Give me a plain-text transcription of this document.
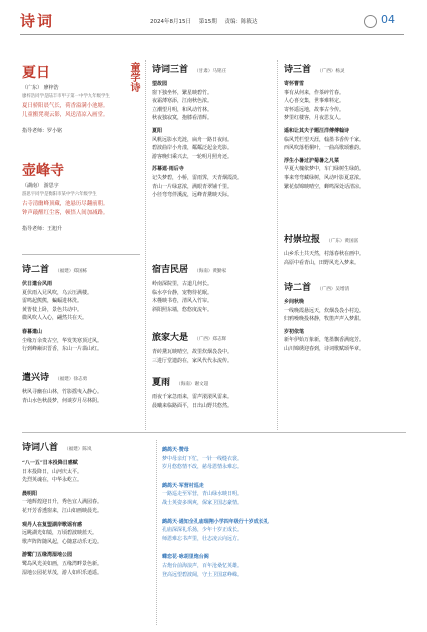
诗词	2024年8月15日 第15期 责编：陈筱达	04
夏日
（广东） 廖梓浩
廖梓浩同学是陆丰市甲子第一中学九年级学生

夏日骄阳晨气长，荷香溢满小池塘。

儿童搬凳观云影，风送清凉入画堂。

指导老师：罗小铭
童学诗
壶峰寺
（湖南） 游思宇
游思宇同学是衡阳市某中学六年级学生

古寺清幽峰顶藏，池悬历尽翻前朝。

钟声敲醒红尘客，顿悟人间加减路。

指导老师：王旭升
诗二首 （福建）郑国栋
伏日遣台风雨

夏伏雨入兄风吹，乌云压满楼。

雷鸣起熊熊，蝙蝠进林洗。

黄皆枝上卧，景色共动中。

微风吹人入心，翩然共在天。

春暮遣山

尘缘万余贵古空，华发笑寒顶过风。

行到峰巅识晋香，东山一片翡山红。

遣兴诗 （福建）徐志勇

秋风寻幽在山林，竹影摇曳入静心。

青山水色秋晨梦，何谈岁月尽林阴。

诗词三首 （甘肃）马铭庄
望故园

窗下独坐怀，繁星映碧竹。

夜霜薄寒添，江南秋色浓。

立潮望月明，和风动竹林。

秋夜独寂寞，抱膝看清辉。

夏阳

风帆远影水光涟，扁舟一路日夜间。

碧波曲岸小舟漾，粼粼泛起金光影。

游客晚归乘兴去，一轮明月照舟还。

苏幕遮·雨后寺

记失梦碧，小桥，雷雨霁，天青烟霞淡。

青山一片绿意浓，满眼青翠铺千里。

小径弯弯伴溪流，远峰青黛映天际。

宿吉民居 （海南）黄勤家

岭南深院里，古道几何长。

临水亭台静，宠物待花眠。

木槿映书卷，清风入竹帘。

斜阳照东墙，悠悠度流年。

旅家大是 （广西）郑志辉

青砖黛瓦映晴空，故里炊烟袅袅中。

三进厅堂遗韵在，家风代代永流传。

夏雨 （海南）谢文超

雨夜千家急雨来，雷声滚滚风雷来。

晨曦来临路面平，日出山野共悠然。

诗三首 （广西）杨灵
寄怀曹雪

事有从何来，作茶碎竹春。

人心喜交集，世事难料定。

寄怀遥远地，故事古今传。

梦里红楼客，月夜思友人。

遥和让其夫子题汪洋傅傅翰诗

临风凭栏望天涯，翰墨书香传千家。

西风吹落梧桐叶，一曲高歌颂雅韵。

浮生小暑过沪菊暑之凡菜

早夏大槐依梦中，车门绿树生绿荫。

事来弯弯藏绿树，风动叶影夏意浓。

繁花似锦映晴空，蝉鸣深处话清凉。

村崇垃报 （广东）黄国富

山乡乐土共天然，村落春秋在画中。

高原中看青山，田野风光入梦来。

诗二首 （广西）吴增清
乡间秋晚

一线晚霞悬远天，炊烟袅袅小村边。

归鸦噪晚投林静，牧笛声声入梦甜。

岁初依笔

新年伊始万象新，笔墨飘香满庭芳。

山川锦绣迎春到，诗词歌赋颂华章。

诗词八首 （福建）陈岚
“八一五”日本投降日感赋

日本投降日，山河庆太平。

先烈英魂在，中华永屹立。

晨明阳

一地辉煌迎日升，秀色宜人满园春。

花开芳香透窗来，江山如画映晨光。

观丹人在复盟湖岸歌谣有感

远眺湖光如镜，万顷碧波映蓝天。

歌声阵阵随风起，心随意动乐无边。

游鹭门五缘湾湿地公园

鹭岛风光美如画，五缘湾畔景色新。

湿地公园花草茂，游人如织乐逍遥。

鹧鸪天·赞母

梦中母亲灯下忙，一针一线缝衣裳。

岁月悠悠情不改，慈母恩情永难忘。

鹧鸪天·军营村巡走

一路巡走至军营，青山绿水映日明。

战士英姿多飒爽，保家卫国志豪情。

鹧鸪天·通知全孔庙瑞翔小学四年级行十岁成长礼

孔庙深深礼乐扬，少年十岁正成长。

师恩难忘书声里，壮志凌云向远方。

蝶恋花·咏胡里炮台阁

古炮台前海浪声，百年沧桑忆英雄。

登高远望碧波阔，守土卫国意峥嵘。
